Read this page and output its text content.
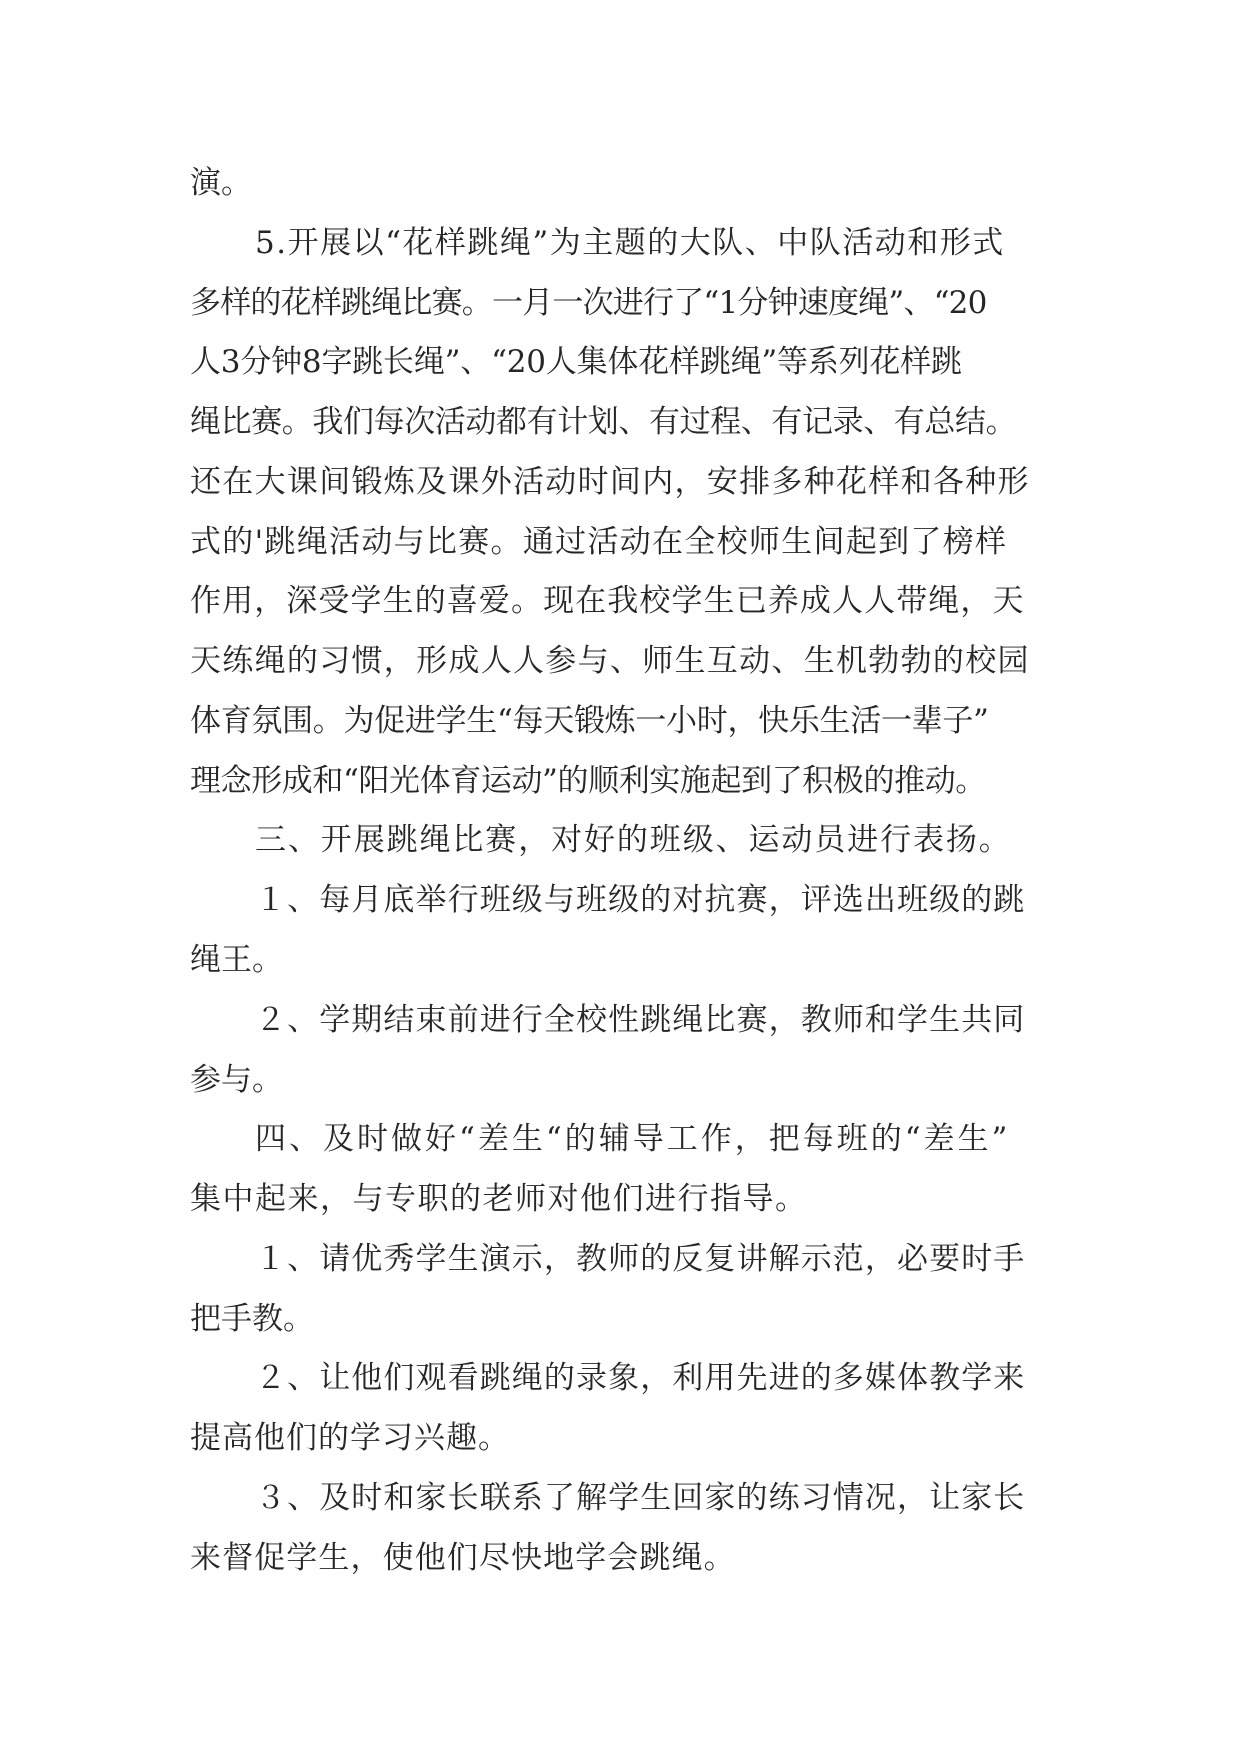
演。
5.开展以“花样跳绳”为主题的大队、中队活动和形式
多样的花样跳绳比赛。一月一次进行了“1分钟速度绳”、“20
人3分钟8字跳长绳”、“20人集体花样跳绳”等系列花样跳
绳比赛。我们每次活动都有计划、有过程、有记录、有总结。
还在大课间锻炼及课外活动时间内，安排多种花样和各种形
式的'跳绳活动与比赛。通过活动在全校师生间起到了榜样
作用，深受学生的喜爱。现在我校学生已养成人人带绳，天
天练绳的习惯，形成人人参与、师生互动、生机勃勃的校园
体育氛围。为促进学生“每天锻炼一小时，快乐生活一辈子”
理念形成和“阳光体育运动”的顺利实施起到了积极的推动。
三、开展跳绳比赛，对好的班级、运动员进行表扬。
１、每月底举行班级与班级的对抗赛，评选出班级的跳
绳王。
２、学期结束前进行全校性跳绳比赛，教师和学生共同
参与。
四、及时做好“差生“的辅导工作，把每班的“差生”
集中起来，与专职的老师对他们进行指导。
１、请优秀学生演示，教师的反复讲解示范，必要时手
把手教。
２、让他们观看跳绳的录象，利用先进的多媒体教学来
提高他们的学习兴趣。
３、及时和家长联系了解学生回家的练习情况，让家长
来督促学生，使他们尽快地学会跳绳。
